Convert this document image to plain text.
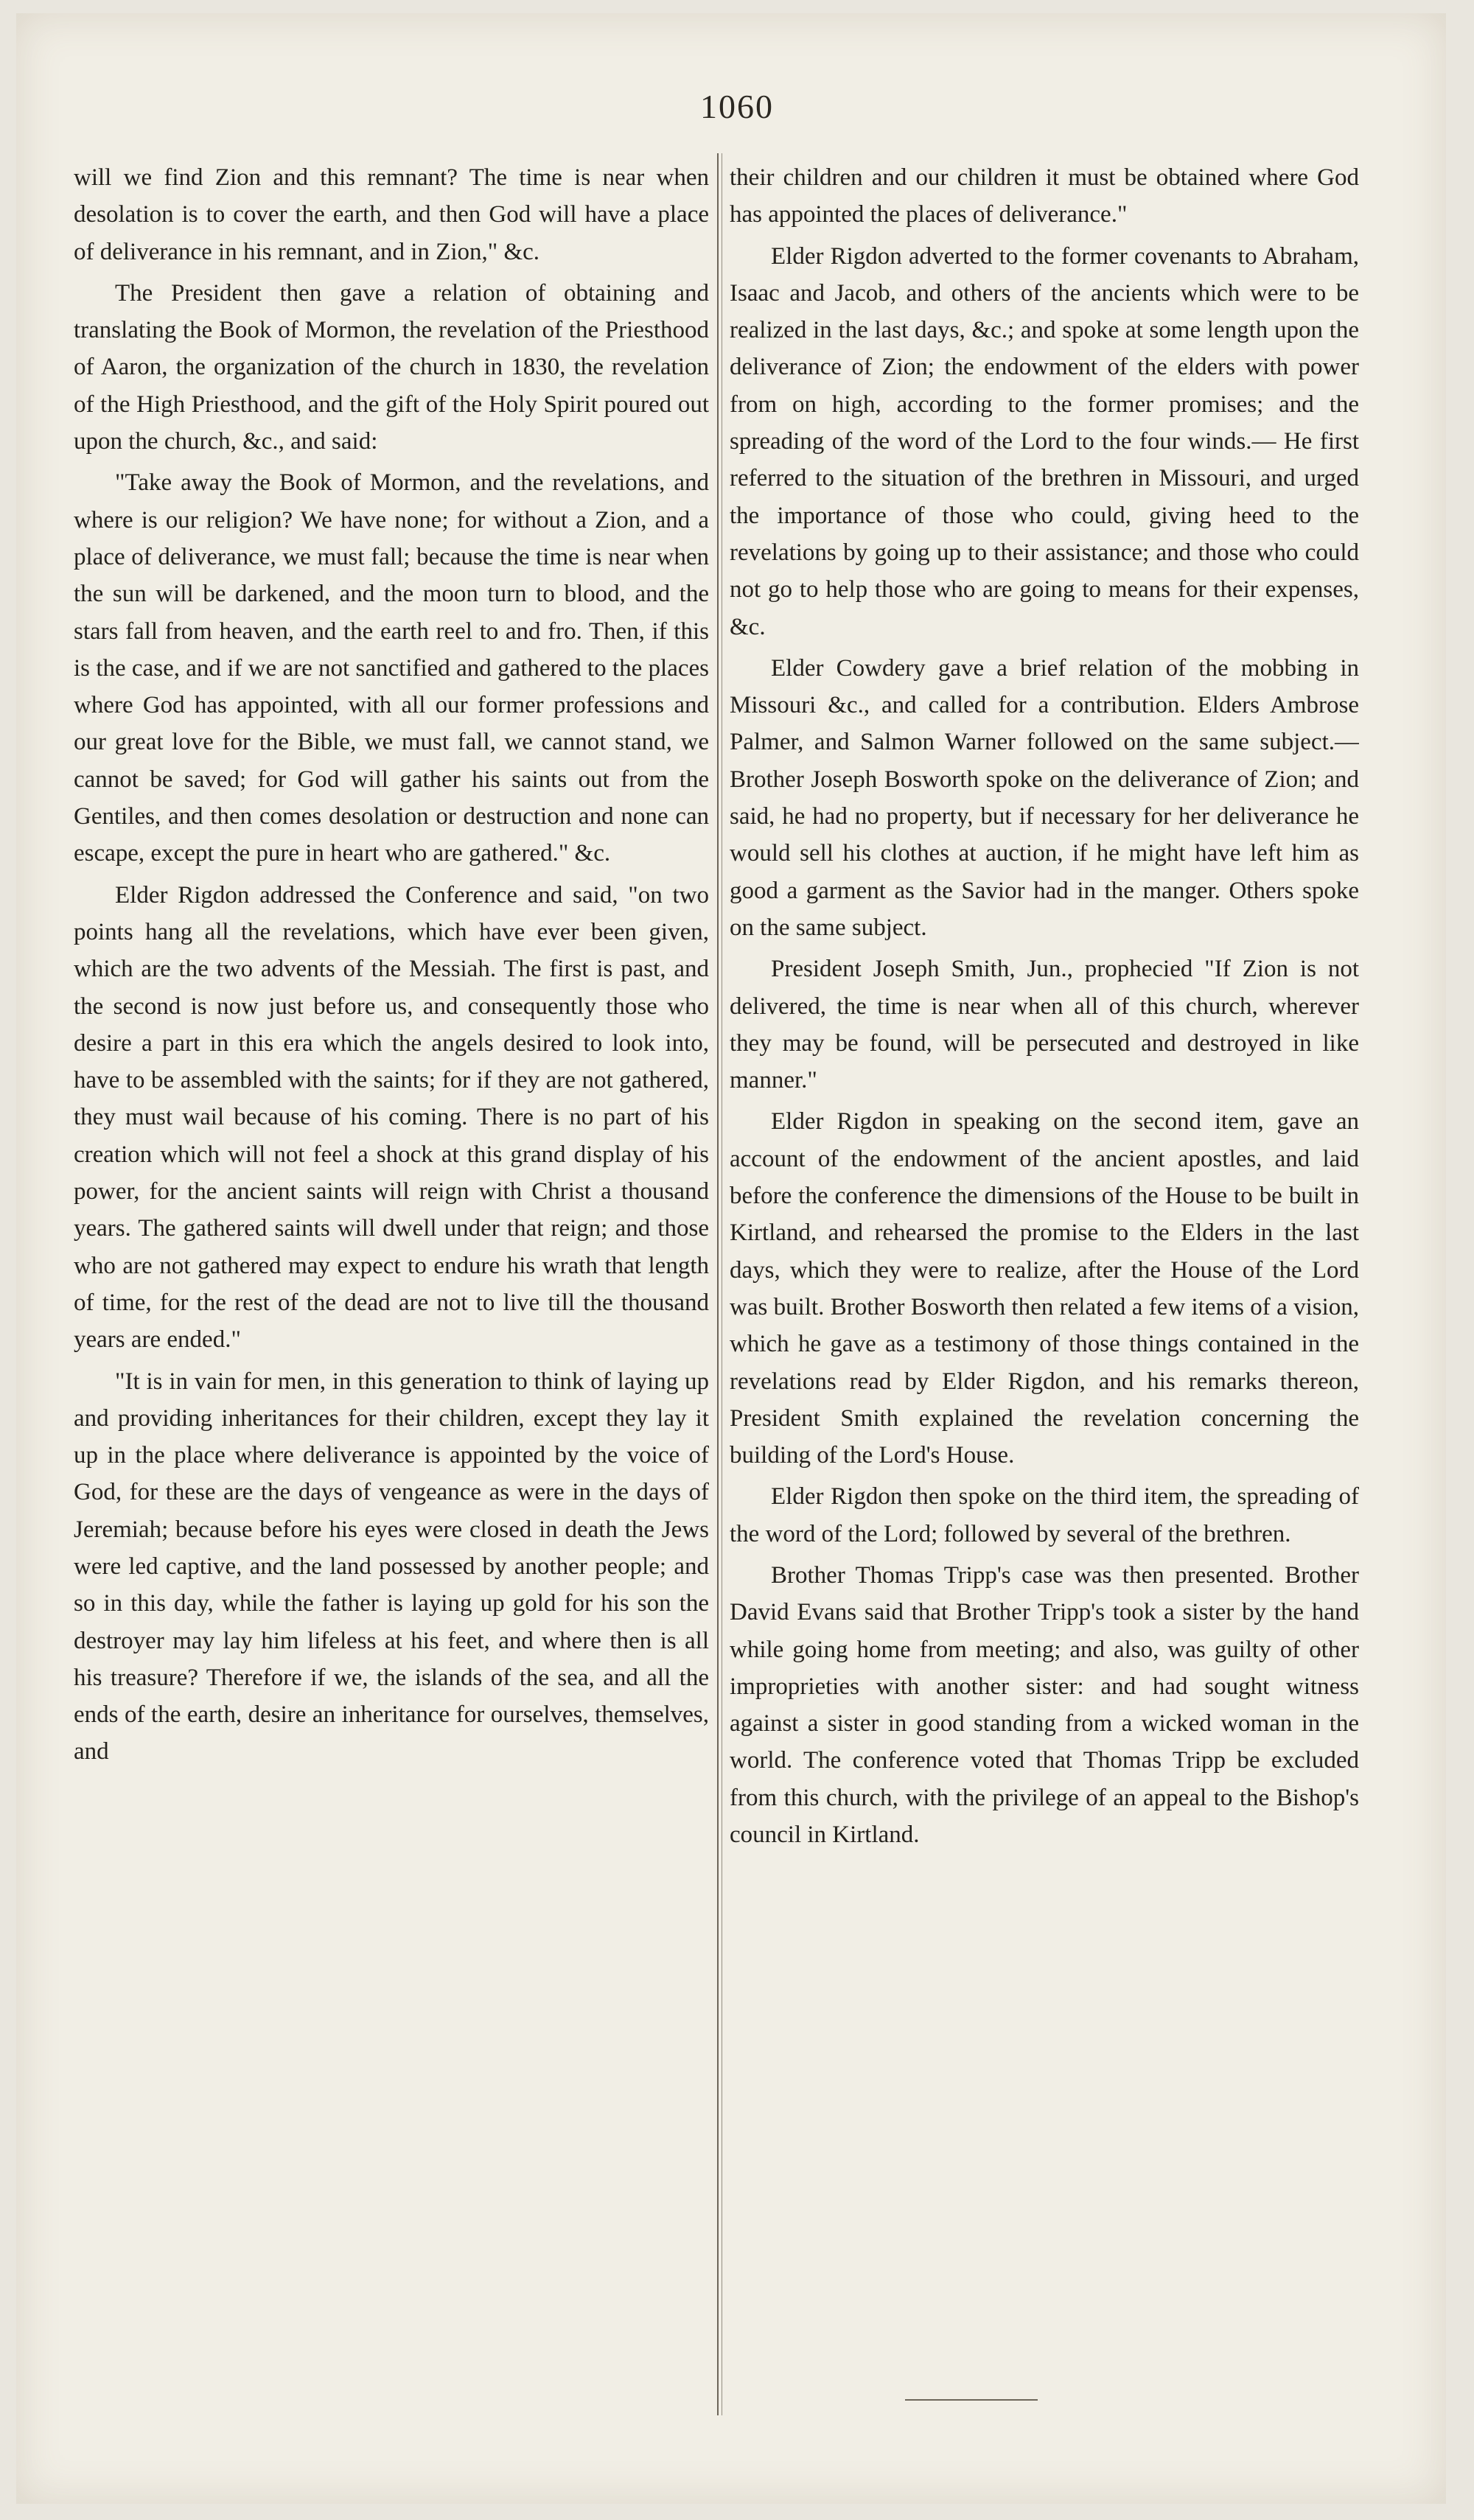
1060

will we find Zion and this remnant? The time is near when desolation is to cover the earth, and then God will have a place of deliverance in his remnant, and in Zion," &c.

The President then gave a relation of obtaining and translating the Book of Mormon, the revelation of the Priesthood of Aaron, the organization of the church in 1830, the revelation of the High Priesthood, and the gift of the Holy Spirit poured out upon the church, &c., and said:

"Take away the Book of Mormon, and the revelations, and where is our religion? We have none; for without a Zion, and a place of deliverance, we must fall; because the time is near when the sun will be darkened, and the moon turn to blood, and the stars fall from heaven, and the earth reel to and fro. Then, if this is the case, and if we are not sanctified and gathered to the places where God has appointed, with all our former professions and our great love for the Bible, we must fall, we cannot stand, we cannot be saved; for God will gather his saints out from the Gentiles, and then comes desolation or destruction and none can escape, except the pure in heart who are gathered." &c.

Elder Rigdon addressed the Conference and said, "on two points hang all the revelations, which have ever been given, which are the two advents of the Messiah. The first is past, and the second is now just before us, and consequently those who desire a part in this era which the angels desired to look into, have to be assembled with the saints; for if they are not gathered, they must wail because of his coming. There is no part of his creation which will not feel a shock at this grand display of his power, for the ancient saints will reign with Christ a thousand years. The gathered saints will dwell under that reign; and those who are not gathered may expect to endure his wrath that length of time, for the rest of the dead are not to live till the thousand years are ended."

"It is in vain for men, in this generation to think of laying up and providing inheritances for their children, except they lay it up in the place where deliverance is appointed by the voice of God, for these are the days of vengeance as were in the days of Jeremiah; because before his eyes were closed in death the Jews were led captive, and the land possessed by another people; and so in this day, while the father is laying up gold for his son the destroyer may lay him lifeless at his feet, and where then is all his treasure? Therefore if we, the islands of the sea, and all the ends of the earth, desire an inheritance for ourselves, themselves, and

their children and our children it must be obtained where God has appointed the places of deliverance."

Elder Rigdon adverted to the former covenants to Abraham, Isaac and Jacob, and others of the ancients which were to be realized in the last days, &c.; and spoke at some length upon the deliverance of Zion; the endowment of the elders with power from on high, according to the former promises; and the spreading of the word of the Lord to the four winds.— He first referred to the situation of the brethren in Missouri, and urged the importance of those who could, giving heed to the revelations by going up to their assistance; and those who could not go to help those who are going to means for their expenses, &c.

Elder Cowdery gave a brief relation of the mobbing in Missouri &c., and called for a contribution. Elders Ambrose Palmer, and Salmon Warner followed on the same subject.— Brother Joseph Bosworth spoke on the deliverance of Zion; and said, he had no property, but if necessary for her deliverance he would sell his clothes at auction, if he might have left him as good a garment as the Savior had in the manger. Others spoke on the same subject.

President Joseph Smith, Jun., prophecied "If Zion is not delivered, the time is near when all of this church, wherever they may be found, will be persecuted and destroyed in like manner."

Elder Rigdon in speaking on the second item, gave an account of the endowment of the ancient apostles, and laid before the conference the dimensions of the House to be built in Kirtland, and rehearsed the promise to the Elders in the last days, which they were to realize, after the House of the Lord was built. Brother Bosworth then related a few items of a vision, which he gave as a testimony of those things contained in the revelations read by Elder Rigdon, and his remarks thereon, President Smith explained the revelation concerning the building of the Lord's House.

Elder Rigdon then spoke on the third item, the spreading of the word of the Lord; followed by several of the brethren.

Brother Thomas Tripp's case was then presented. Brother David Evans said that Brother Tripp's took a sister by the hand while going home from meeting; and also, was guilty of other improprieties with another sister: and had sought witness against a sister in good standing from a wicked woman in the world. The conference voted that Thomas Tripp be excluded from this church, with the privilege of an appeal to the Bishop's council in Kirtland.
